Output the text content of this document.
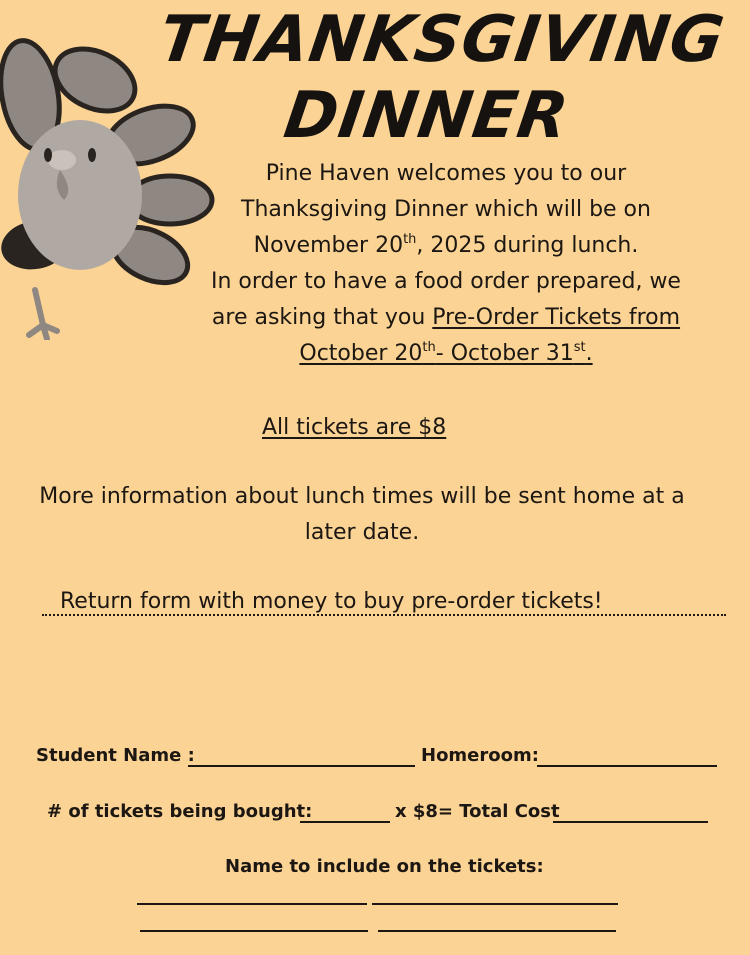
THANKSGIVING
DINNER
Pine Haven welcomes you to our
Thanksgiving Dinner which will be on
November 20th, 2025 during lunch.
In order to have a food order prepared, we
are asking that you Pre-Order Tickets from
October 20th- October 31st.
All tickets are $8
More information about lunch times will be sent home at a
later date.
Return form with money to buy pre-order tickets!
Student Name :	Homeroom:
# of tickets being bought:	x $8= Total Cost
Name to include on the tickets:
